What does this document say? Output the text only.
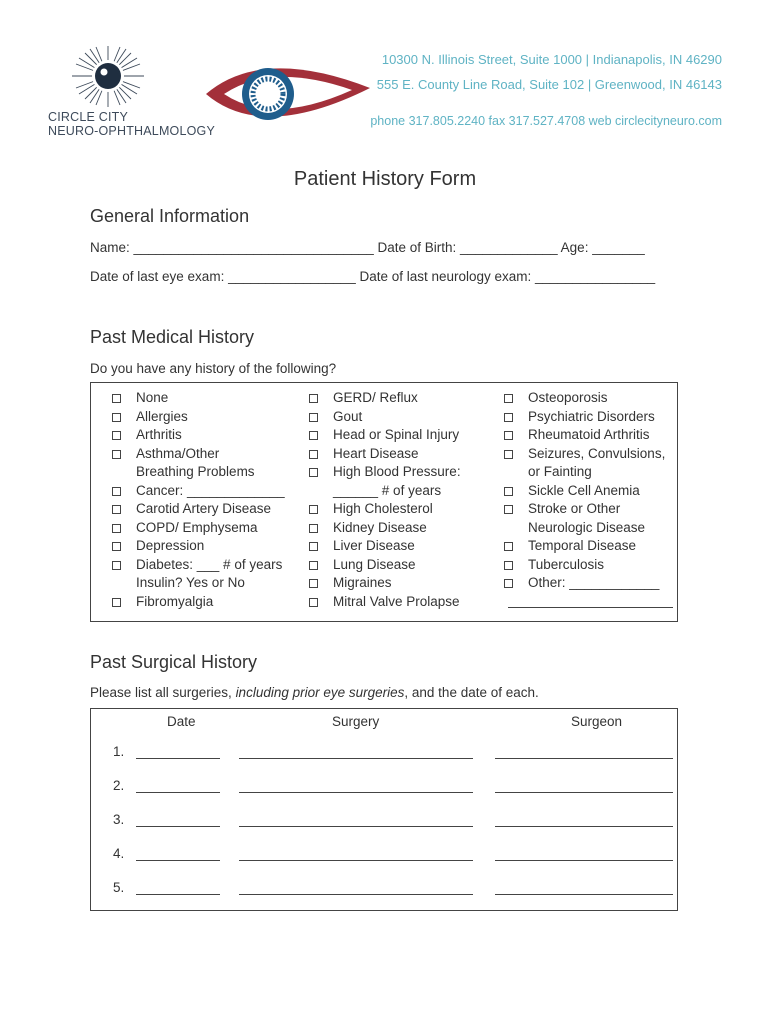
CIRCLE CITY
NEURO-OPHTHALMOLOGY
10300 N. Illinois Street, Suite 1000 | Indianapolis, IN 46290
555 E. County Line Road, Suite 102 | Greenwood, IN 46143
phone 317.805.2240 fax 317.527.4708 web circlecityneuro.com
Patient History Form
General Information
Name: ________________________________ Date of Birth: _____________ Age: _______
Date of last eye exam: _________________ Date of last neurology exam: ________________
Past Medical History
Do you have any history of the following?
None
Allergies
Arthritis
Asthma/Other
Breathing Problems
Cancer: _____________
Carotid Artery Disease
COPD/ Emphysema
Depression
Diabetes: ___ # of years
Insulin? Yes or No
Fibromyalgia
GERD/ Reflux
Gout
Head or Spinal Injury
Heart Disease
High Blood Pressure:
______ # of years
High Cholesterol
Kidney Disease
Liver Disease
Lung Disease
Migraines
Mitral Valve Prolapse
Osteoporosis
Psychiatric Disorders
Rheumatoid Arthritis
Seizures, Convulsions,
or Fainting
Sickle Cell Anemia
Stroke or Other
Neurologic Disease
Temporal Disease
Tuberculosis
Other: ____________
Past Surgical History
Please list all surgeries, including prior eye surgeries, and the date of each.
Date	Surgery	Surgeon
1.
2.
3.
4.
5.
